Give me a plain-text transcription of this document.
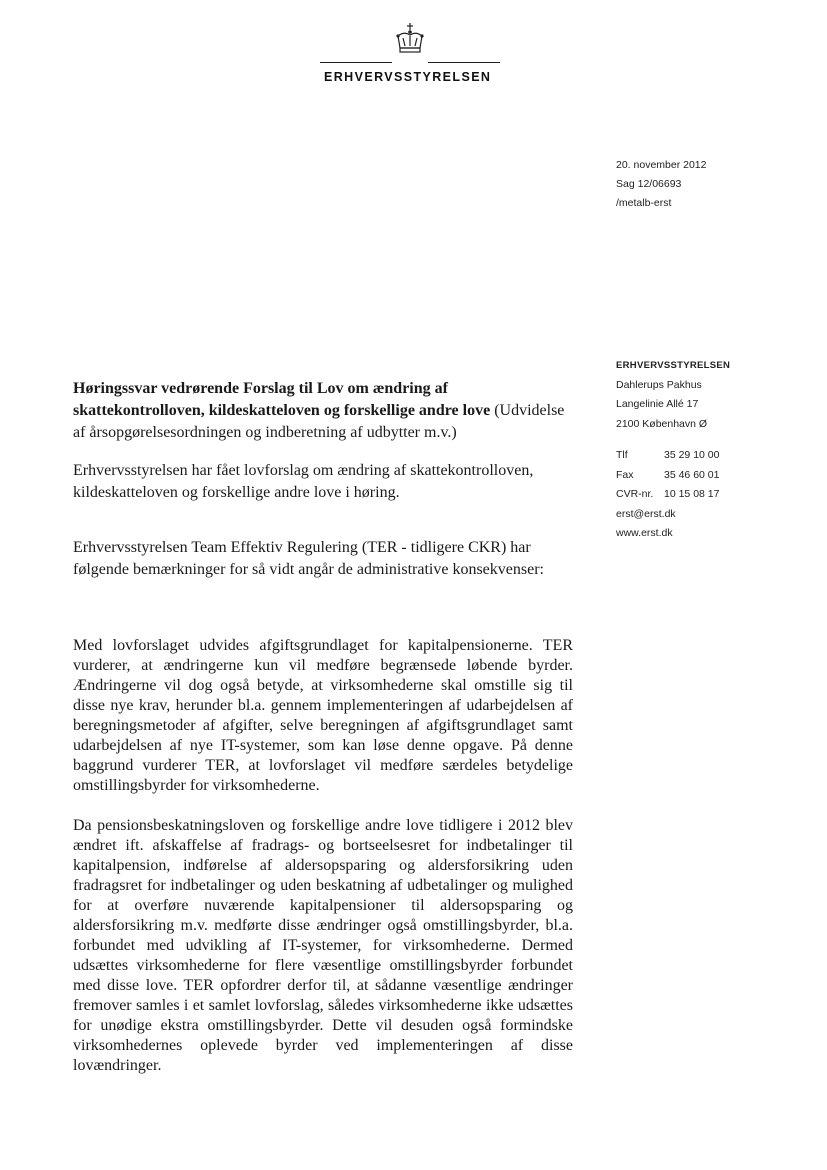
ERHVERVSSTYRELSEN
20. november 2012
Sag 12/06693
/metalb-erst
ERHVERVSSTYRELSEN
Dahlerups Pakhus
Langelinie Allé 17
2100 København Ø
Tlf	35 29 10 00
Fax	35 46 60 01
CVR-nr.	10 15 08 17
erst@erst.dk
www.erst.dk

Høringssvar vedrørende Forslag til Lov om ændring af skattekontrolloven, kildeskatteloven og forskellige andre love (Udvidelse af årsopgørelsesordningen og indberetning af udbytter m.v.)

Erhvervsstyrelsen har fået lovforslag om ændring af skattekontrolloven, kildeskatteloven og forskellige andre love i høring.

Erhvervsstyrelsen Team Effektiv Regulering (TER - tidligere CKR) har følgende bemærkninger for så vidt angår de administrative konsekvenser:

Med lovforslaget udvides afgiftsgrundlaget for kapitalpensionerne. TER vurderer, at ændringerne kun vil medføre begrænsede løbende byrder. Ændringerne vil dog også betyde, at virksomhederne skal omstille sig til disse nye krav, herunder bl.a. gennem implementeringen af udarbejdelsen af beregningsmetoder af afgifter, selve beregningen af afgiftsgrundlaget samt udarbejdelsen af nye IT-systemer, som kan løse denne opgave. På denne baggrund vurderer TER, at lovforslaget vil medføre særdeles betydelige omstillingsbyrder for virksomhederne.

Da pensionsbeskatningsloven og forskellige andre love tidligere i 2012 blev ændret ift. afskaffelse af fradrags- og bortseelsesret for indbetalinger til kapitalpension, indførelse af aldersopsparing og aldersforsikring uden fradragsret for indbetalinger og uden beskatning af udbetalinger og mulighed for at overføre nuværende kapitalpensioner til aldersopsparing og aldersforsikring m.v. medførte disse ændringer også omstillingsbyrder, bl.a. forbundet med udvikling af IT-systemer, for virksomhederne. Dermed udsættes virksomhederne for flere væsentlige omstillingsbyrder forbundet med disse love. TER opfordrer derfor til, at sådanne væsentlige ændringer fremover samles i et samlet lovforslag, således virksomhederne ikke udsættes for unødige ekstra omstillingsbyrder. Dette vil desuden også formindske virksomhedernes oplevede byrder ved implementeringen af disse lovændringer.
